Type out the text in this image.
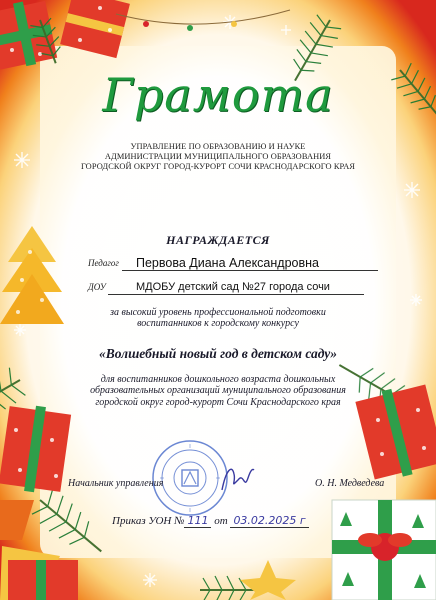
Грамота
УПРАВЛЕНИЕ ПО ОБРАЗОВАНИЮ И НАУКЕ
АДМИНИСТРАЦИИ МУНИЦИПАЛЬНОГО ОБРАЗОВАНИЯ
ГОРОДСКОЙ ОКРУГ ГОРОД-КУРОРТ СОЧИ КРАСНОДАРСКОГО КРАЯ
НАГРАЖДАЕТСЯ
Педагог Первова Диана Александровна
ДОУ	МДОБУ детский сад №27 города сочи
за высокий уровень профессиональной подготовки
воспитанников к городскому конкурсу
«Волшебный новый год в детском саду»
для воспитанников дошкольного возраста дошкольных
образовательных организаций муниципального образования
городской округ город-курорт Сочи Краснодарского края
Начальник управления	О. Н. Медведева
Приказ УОН № 111 от 03.02.2025 г
